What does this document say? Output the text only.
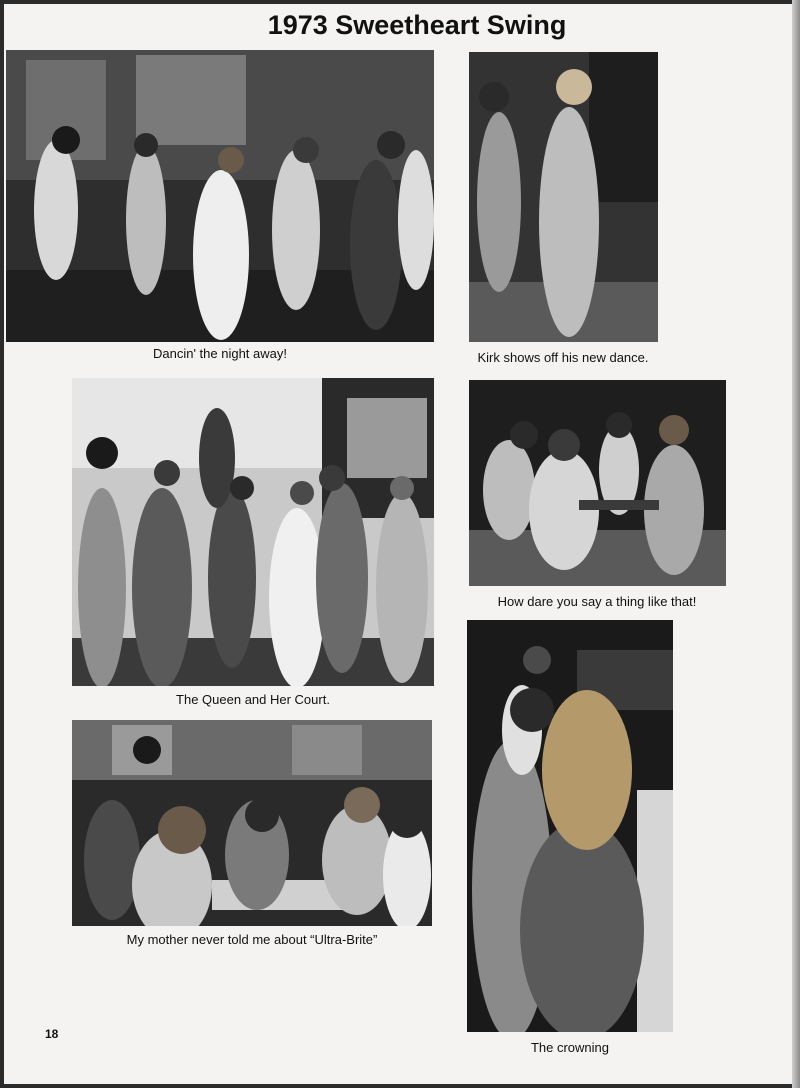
1973 Sweetheart Swing
Dancin' the night away!	Kirk shows off his new dance.
The Queen and Her Court.
How dare you say a thing like that!
My mother never told me about “Ultra-Brite”
The crowning
18
